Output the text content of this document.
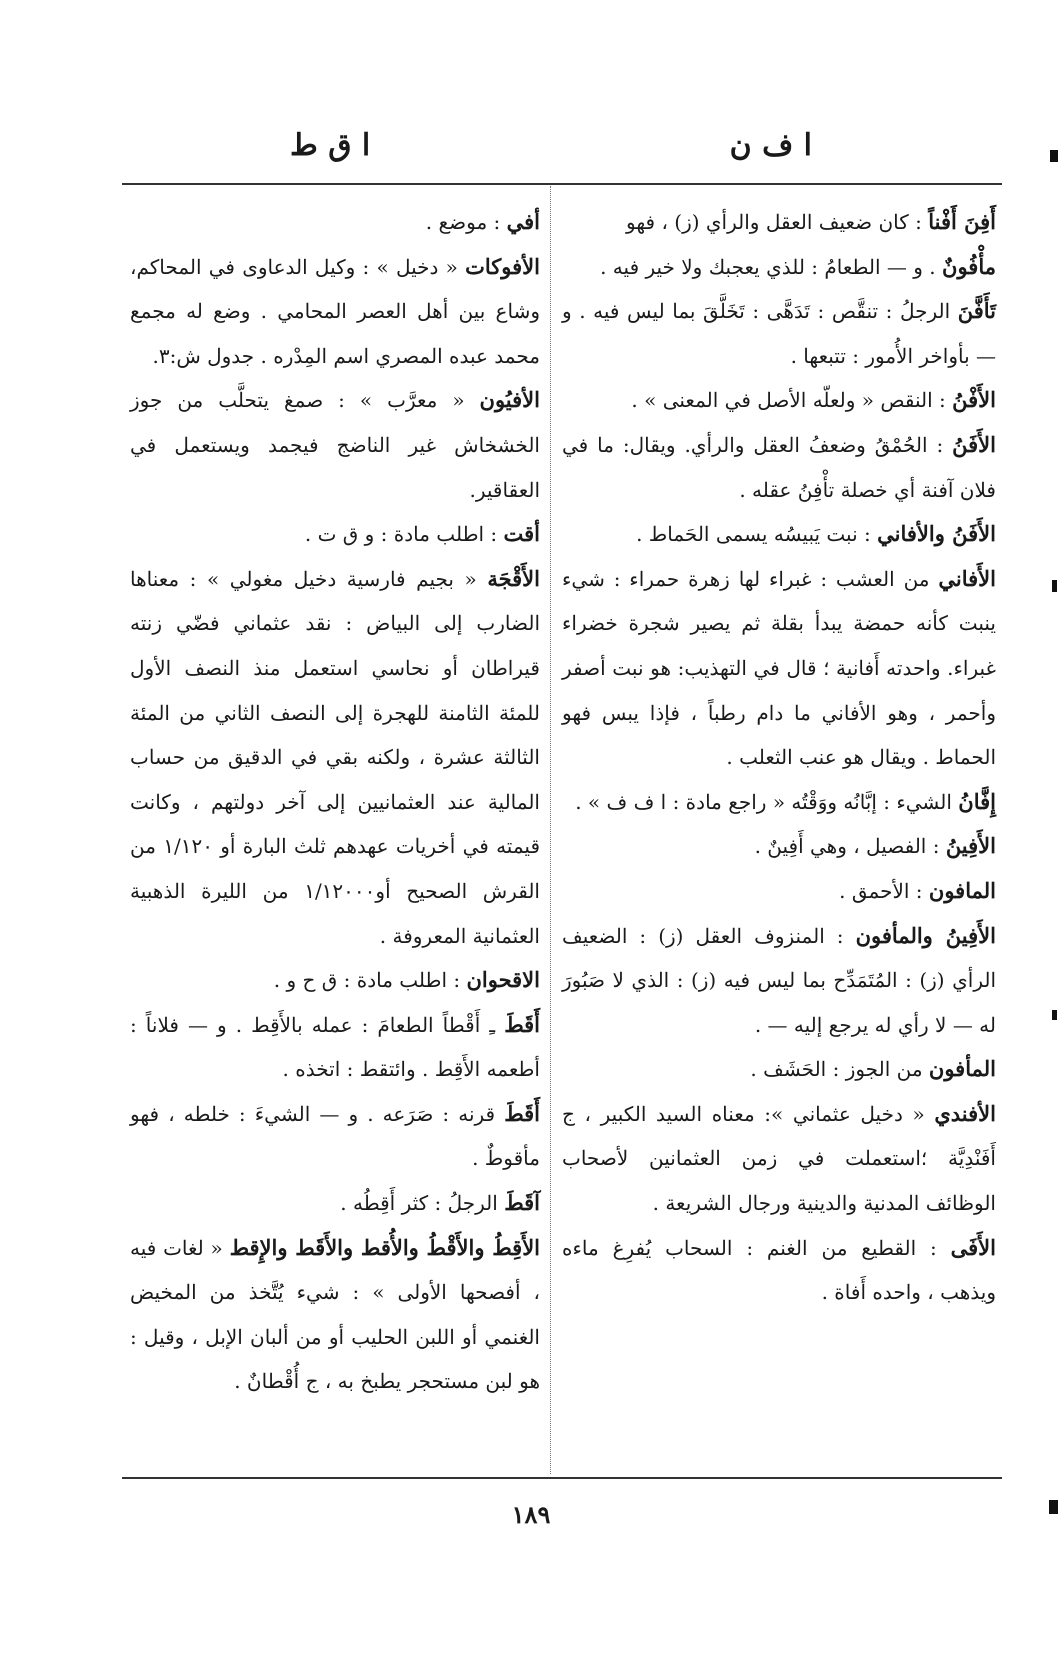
ا ف ن
ا ق ط

أَفِنَ أَفْناً : كان ضعيف العقل والرأي (ز) ، فهو

مأْفُونٌ . و — الطعامُ : للذي يعجبك ولا خير فيه .

تَأَفَّنَ الرجلُ : تنقَّص : تَدَهَّى : تَخَلَّقَ بما ليس فيه . و — بأواخر الأُمور : تتبعها .

الأَفْنُ : النقص « ولعلّه الأصل في المعنى » .

الأَفَنُ : الحُمْقُ وضعفُ العقل والرأي. ويقال: ما في فلان آفنة أي خصلة تأْفِنُ عقله .

الأَفَنُ والأفاني : نبت يَبيسُه يسمى الحَماط .

الأَفاني من العشب : غبراء لها زهرة حمراء : شيء ينبت كأنه حمضة يبدأ بقلة ثم يصير شجرة خضراء غبراء. واحدته أَفانية ؛ قال في التهذيب: هو نبت أصفر وأحمر ، وهو الأفاني ما دام رطباً ، فإذا يبس فهو الحماط . ويقال هو عنب الثعلب .

إِفَّانُ الشيء : إبَّانُه ووَقْتُه « راجع مادة : ا ف ف » .

الأَفِينُ : الفصيل ، وهي أَفِينٌ .

المافون : الأحمق .

الأَفِينُ والمأفون : المنزوف العقل (ز) : الضعيف الرأي (ز) : المُتَمَدِّح بما ليس فيه (ز) : الذي لا صَبُورَ له — لا رأي له يرجع إليه — .

المأفون من الجوز : الحَشَف .

الأفندي « دخيل عثماني »: معناه السيد الكبير ، ج أَفَنْدِيَّة ؛استعملت في زمن العثمانين لأصحاب الوظائف المدنية والدينية ورجال الشريعة .

الأَفَى : القطيع من الغنم : السحاب يُفرِغ ماءه ويذهب ، واحده أَفاة .

أفي : موضع .

الأفوكات « دخيل » : وكيل الدعاوى في المحاكم، وشاع بين أهل العصر المحامي . وضع له مجمع محمد عبده المصري اسم المِدْره . جدول ش:٣.

الأفيُون « معرَّب » : صمغ يتحلَّب من جوز الخشخاش غير الناضج فيجمد ويستعمل في العقاقير.

أقت : اطلب مادة : و ق ت .

الأَقْجَة « بجيم فارسية دخيل مغولي » : معناها الضارب إلى البياض : نقد عثماني فضّي زنته قيراطان أو نحاسي استعمل منذ النصف الأول للمئة الثامنة للهجرة إلى النصف الثاني من المئة الثالثة عشرة ، ولكنه بقي في الدقيق من حساب المالية عند العثمانيين إلى آخر دولتهم ، وكانت قيمته في أخريات عهدهم ثلث البارة أو ١/١٢٠ من القرش الصحيح أو١/١٢٠٠٠ من الليرة الذهبية العثمانية المعروفة .

الاقحوان : اطلب مادة : ق ح و .

أَقَطَ ـِ أَقْطاً الطعامَ : عمله بالأَقِط . و — فلاناً : أطعمه الأَقِط . وائتقط : اتخذه .

أَقَطَ قرنه : صَرَعه . و — الشيءَ : خلطه ، فهو مأقوطٌ .

آقَطَ الرجلُ : كثر أَقِطُه .

الأَقِطُ والأَقْطُ والأُقط والأَقَط والإِقط « لغات فيه ، أفصحها الأولى » : شيء يُتَّخذ من المخيض الغنمي أو اللبن الحليب أو من ألبان الإبل ، وقيل : هو لبن مستحجر يطبخ به ، ج أُقْطانٌ .

١٨٩
